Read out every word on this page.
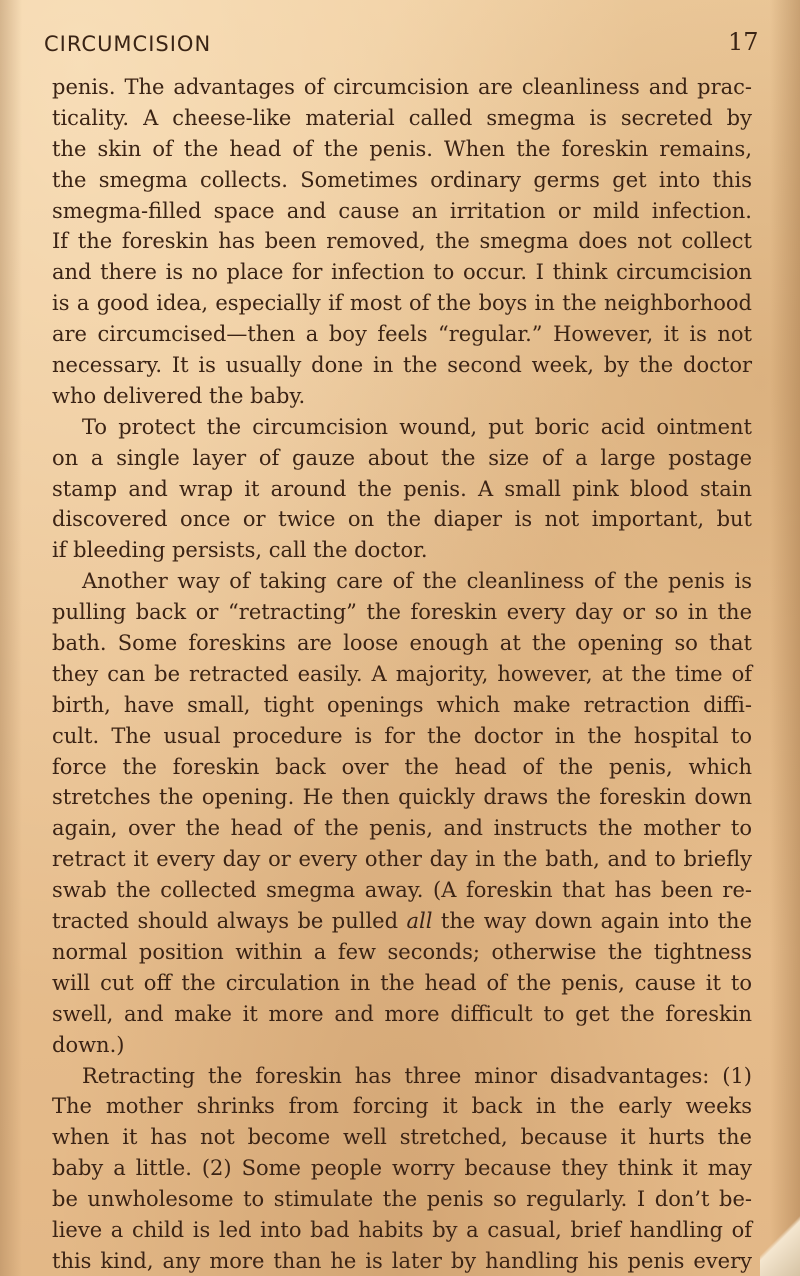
CIRCUMCISION	17
penis. The advantages of circumcision are cleanliness and prac-
ticality. A cheese-like material called smegma is secreted by
the skin of the head of the penis. When the foreskin remains,
the smegma collects. Sometimes ordinary germs get into this
smegma-filled space and cause an irritation or mild infection.
If the foreskin has been removed, the smegma does not collect
and there is no place for infection to occur. I think circumcision
is a good idea, especially if most of the boys in the neighborhood
are circumcised—then a boy feels “regular.” However, it is not
necessary. It is usually done in the second week, by the doctor
who delivered the baby.
To protect the circumcision wound, put boric acid ointment
on a single layer of gauze about the size of a large postage
stamp and wrap it around the penis. A small pink blood stain
discovered once or twice on the diaper is not important, but
if bleeding persists, call the doctor.
Another way of taking care of the cleanliness of the penis is
pulling back or “retracting” the foreskin every day or so in the
bath. Some foreskins are loose enough at the opening so that
they can be retracted easily. A majority, however, at the time of
birth, have small, tight openings which make retraction diffi-
cult. The usual procedure is for the doctor in the hospital to
force the foreskin back over the head of the penis, which
stretches the opening. He then quickly draws the foreskin down
again, over the head of the penis, and instructs the mother to
retract it every day or every other day in the bath, and to briefly
swab the collected smegma away. (A foreskin that has been re-
tracted should always be pulled all the way down again into the
normal position within a few seconds; otherwise the tightness
will cut off the circulation in the head of the penis, cause it to
swell, and make it more and more difficult to get the foreskin
down.)
Retracting the foreskin has three minor disadvantages: (1)
The mother shrinks from forcing it back in the early weeks
when it has not become well stretched, because it hurts the
baby a little. (2) Some people worry because they think it may
be unwholesome to stimulate the penis so regularly. I don’t be-
lieve a child is led into bad habits by a casual, brief handling of
this kind, any more than he is later by handling his penis every
